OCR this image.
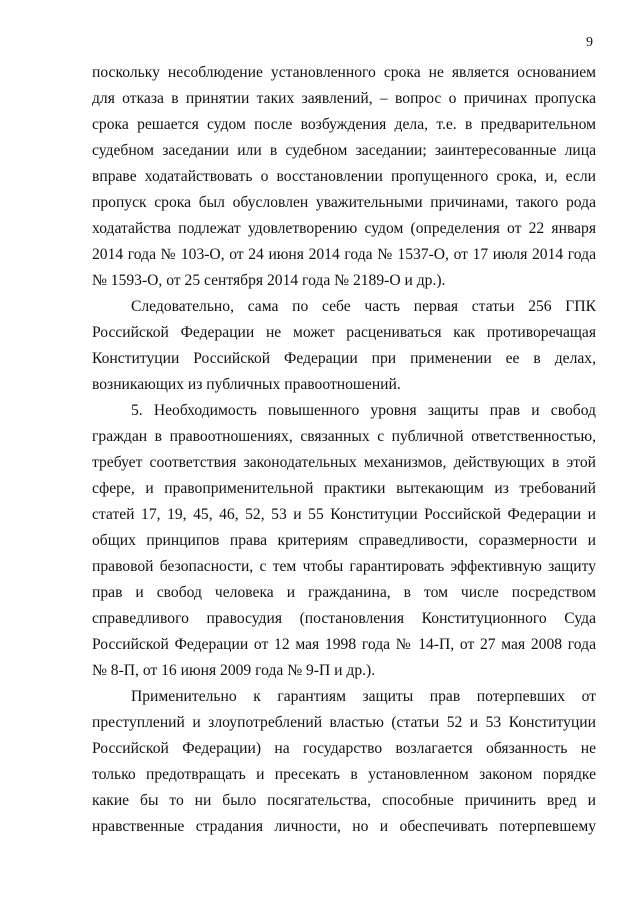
9
поскольку несоблюдение установленного срока не является основанием
для отказа в принятии таких заявлений, – вопрос о причинах пропуска
срока решается судом после возбуждения дела, т.е. в предварительном
судебном заседании или в судебном заседании; заинтересованные лица
вправе ходатайствовать о восстановлении пропущенного срока, и, если
пропуск срока был обусловлен уважительными причинами, такого рода
ходатайства подлежат удовлетворению судом (определения от 22 января
2014 года № 103-О, от 24 июня 2014 года № 1537-О, от 17 июля 2014 года
№ 1593-О, от 25 сентября 2014 года № 2189-О и др.).
Следовательно, сама по себе часть первая статьи 256 ГПК
Российской Федерации не может расцениваться как противоречащая
Конституции Российской Федерации при применении ее в делах,
возникающих из публичных правоотношений.
5. Необходимость повышенного уровня защиты прав и свобод
граждан в правоотношениях, связанных с публичной ответственностью,
требует соответствия законодательных механизмов, действующих в этой
сфере, и правоприменительной практики вытекающим из требований
статей 17, 19, 45, 46, 52, 53 и 55 Конституции Российской Федерации и
общих принципов права критериям справедливости, соразмерности и
правовой безопасности, с тем чтобы гарантировать эффективную защиту
прав и свобод человека и гражданина, в том числе посредством
справедливого правосудия (постановления Конституционного Суда
Российской Федерации от 12 мая 1998 года № 14-П, от 27 мая 2008 года
№ 8-П, от 16 июня 2009 года № 9-П и др.).
Применительно к гарантиям защиты прав потерпевших от
преступлений и злоупотреблений властью (статьи 52 и 53 Конституции
Российской Федерации) на государство возлагается обязанность не
только предотвращать и пресекать в установленном законом порядке
какие бы то ни было посягательства, способные причинить вред и
нравственные страдания личности, но и обеспечивать потерпевшему
